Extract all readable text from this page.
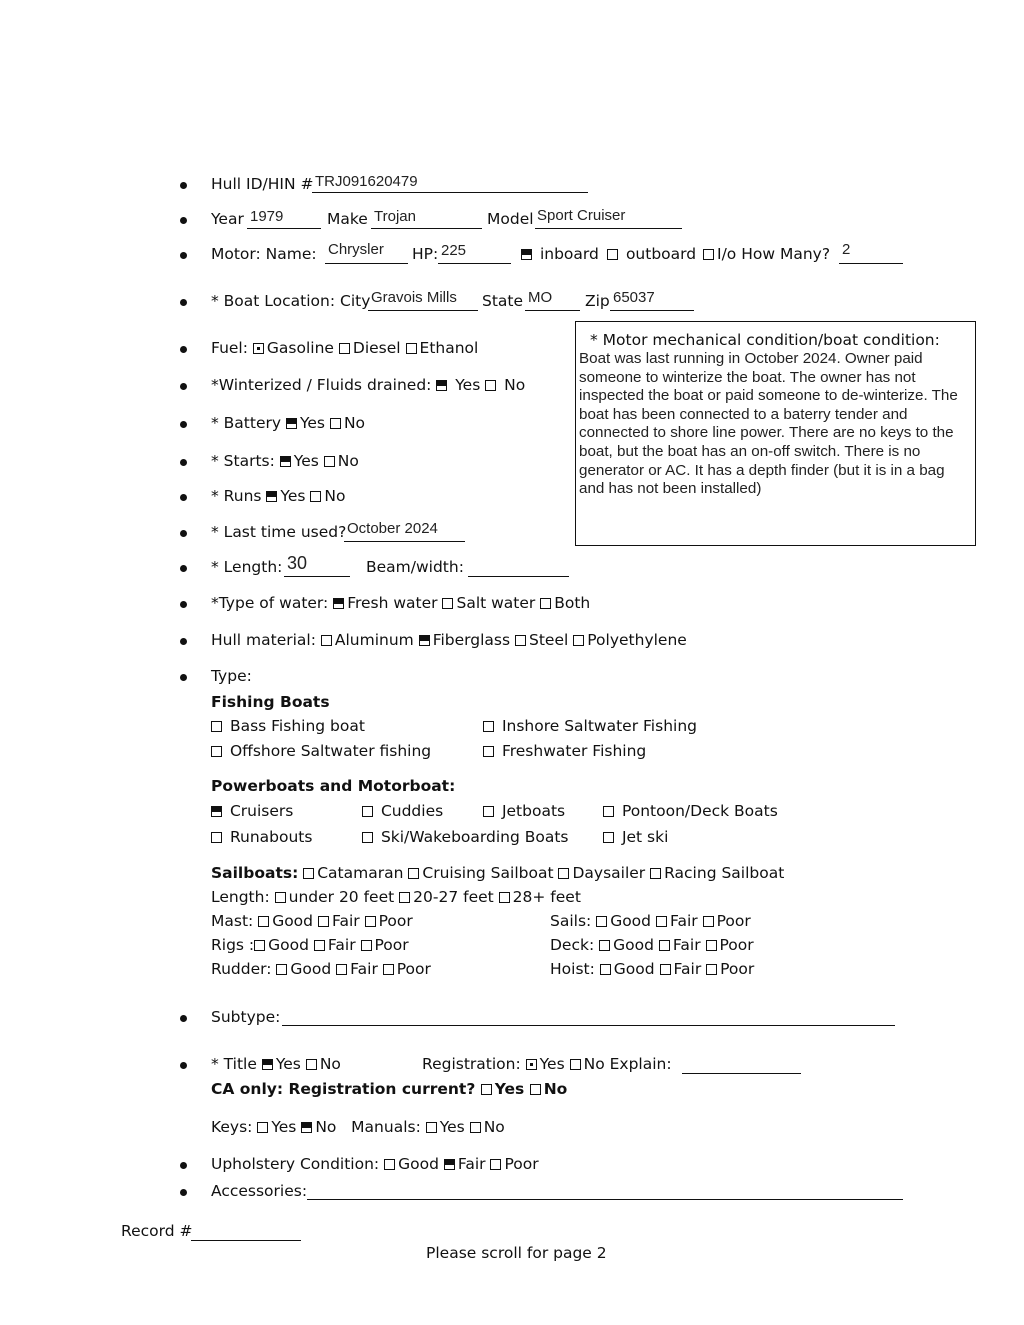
Hull ID/HIN # TRJ091620479
Year 1979	Make Trojan	Model Sport Cruiser
Motor: Name: Chrysler HP: 225	inboard	outboard	I/o How Many? 2
* Boat Location: City Gravois Mills State MO Zip 65037
Fuel: Gasoline Diesel Ethanol
*Winterized / Fluids drained: Yes No
* Battery Yes No
* Starts: Yes No
* Runs Yes No
* Last time used? October 2024
* Motor mechanical condition/boat condition:
Boat was last running in October 2024. Owner paid someone to winterize the boat. The owner has not inspected the boat or paid someone to de-winterize. The boat has been connected to a baterry tender and connected to shore line power. There are no keys to the boat, but the boat has an on-off switch. There is no generator or AC. It has a depth finder (but it is in a bag and has not been installed)
* Length: 30	Beam/width:
*Type of water: Fresh water Salt water Both
Hull material: Aluminum Fiberglass Steel Polyethylene
Type:
Fishing Boats
Bass Fishing boat	Inshore Saltwater Fishing
Offshore Saltwater fishing	Freshwater Fishing
Powerboats and Motorboat:
Cruisers	Cuddies	Jetboats	Pontoon/Deck Boats
Runabouts	Ski/Wakeboarding Boats	Jet ski
Sailboats: Catamaran Cruising Sailboat Daysailer Racing Sailboat
Length: under 20 feet 20-27 feet 28+ feet
Mast: Good Fair Poor	Sails: Good Fair Poor
Rigs : Good Fair Poor	Deck: Good Fair Poor
Rudder: Good Fair Poor	Hoist: Good Fair Poor
Subtype:
* Title Yes No	Registration: Yes No Explain:
CA only: Registration current? Yes No
Keys: Yes No Manuals: Yes No
Upholstery Condition: Good Fair Poor
Accessories:
Record #
Please scroll for page 2
